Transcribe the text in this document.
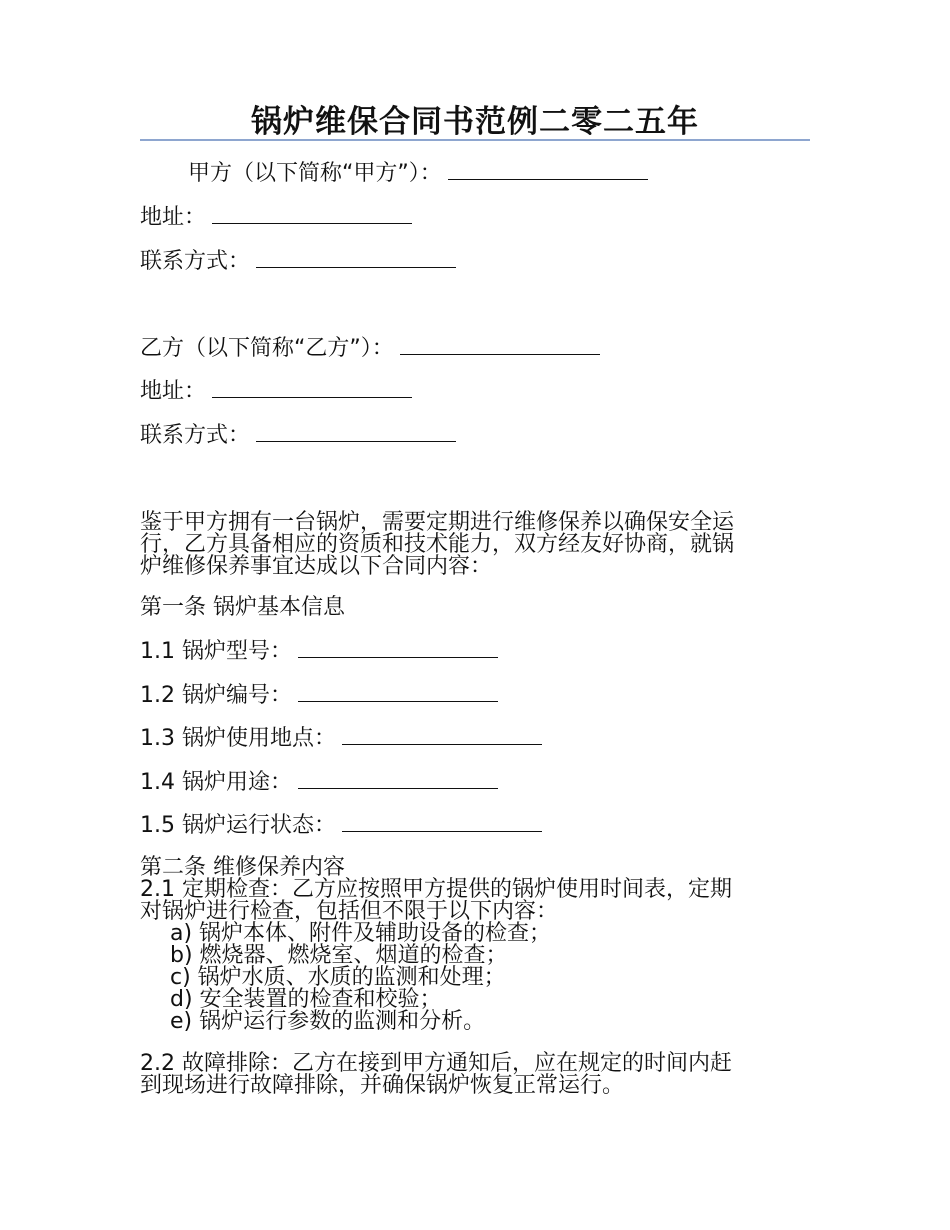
锅炉维保合同书范例二零二五年
甲方（以下简称“甲方”）：
地址：
联系方式：
乙方（以下简称“乙方”）：
地址：
联系方式：

鉴于甲方拥有一台锅炉，需要定期进行维修保养以确保安全运

行，乙方具备相应的资质和技术能力，双方经友好协商，就锅

炉维修保养事宜达成以下合同内容：

第一条 锅炉基本信息
1.1 锅炉型号：
1.2 锅炉编号：
1.3 锅炉使用地点：
1.4 锅炉用途：
1.5 锅炉运行状态：

第二条 维修保养内容

2.1 定期检查：乙方应按照甲方提供的锅炉使用时间表，定期

对锅炉进行检查，包括但不限于以下内容：

a) 锅炉本体、附件及辅助设备的检查；

b) 燃烧器、燃烧室、烟道的检查；

c) 锅炉水质、水质的监测和处理；

d) 安全装置的检查和校验；

e) 锅炉运行参数的监测和分析。

2.2 故障排除：乙方在接到甲方通知后，应在规定的时间内赶

到现场进行故障排除，并确保锅炉恢复正常运行。
